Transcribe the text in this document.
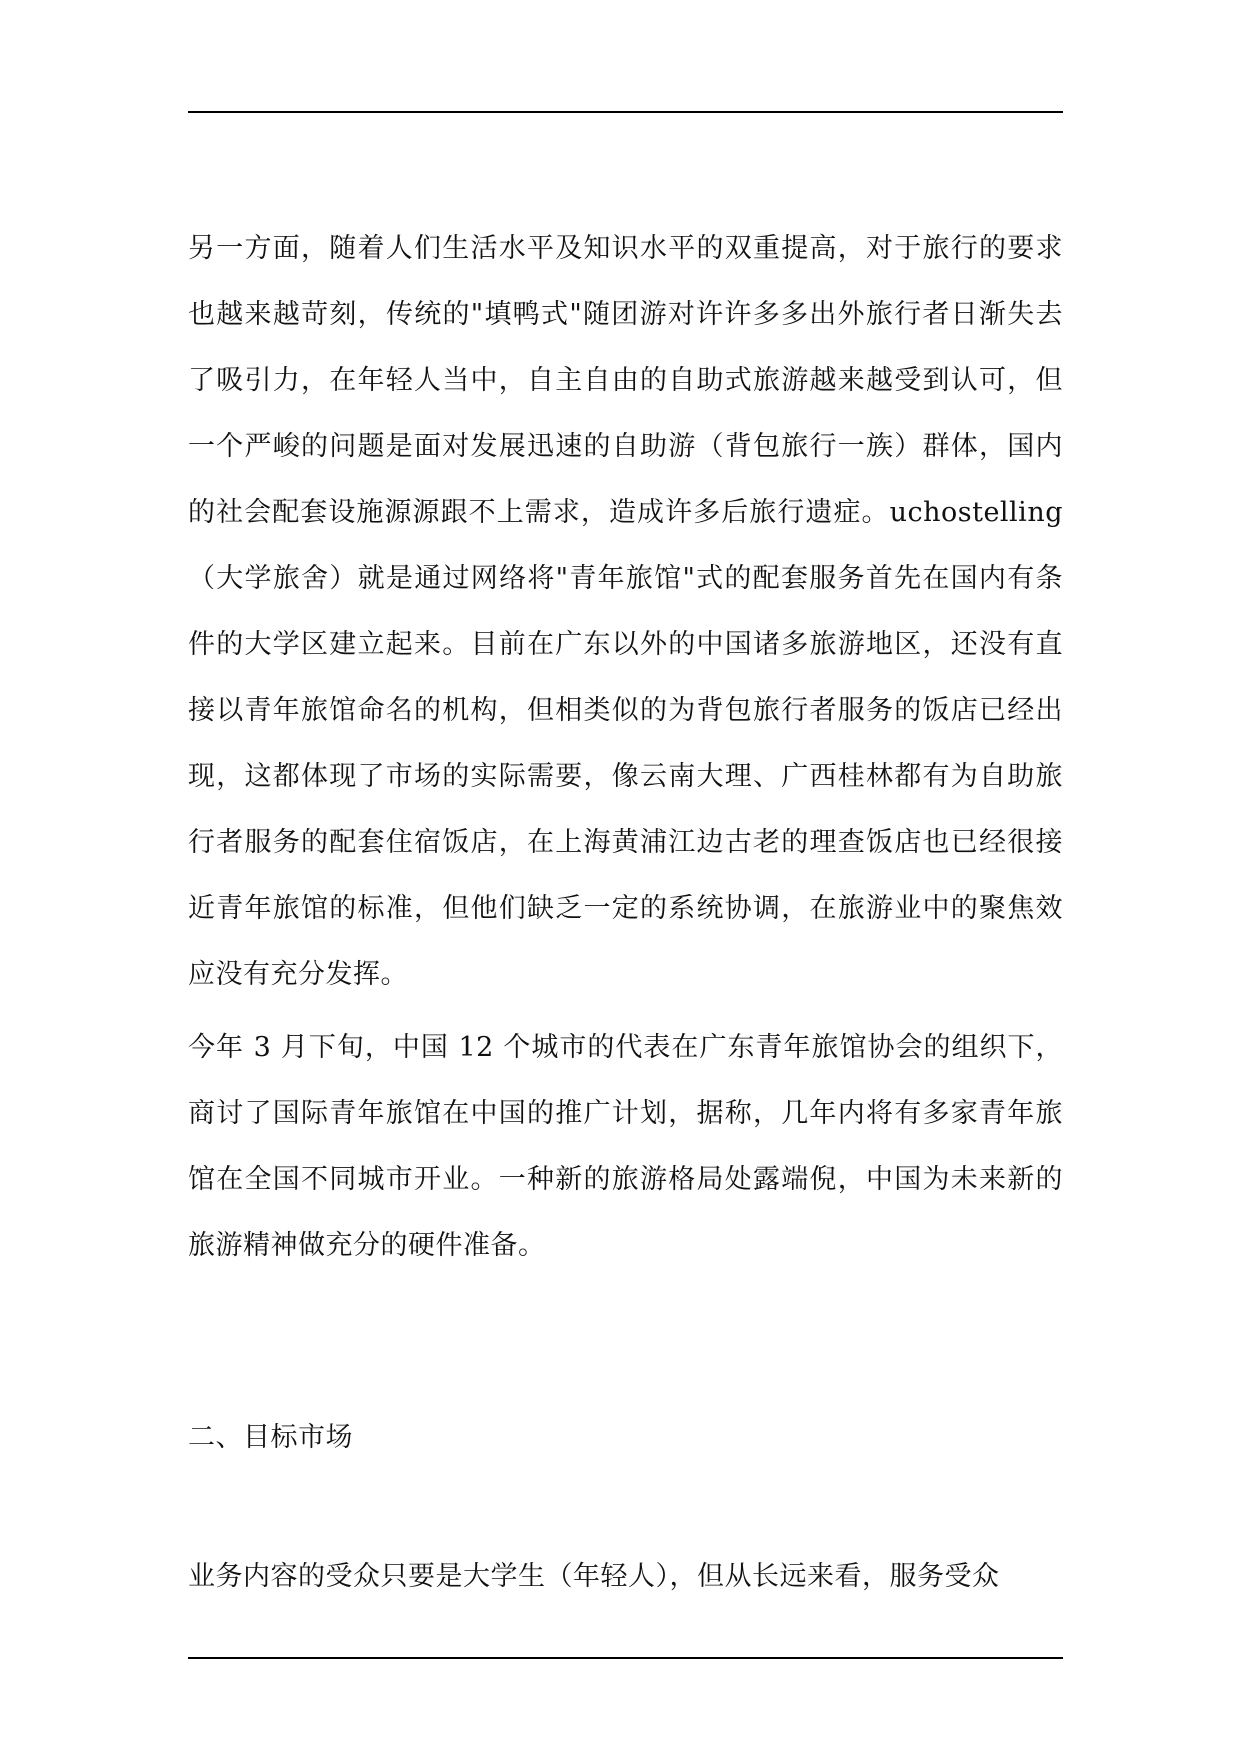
另一方面，随着人们生活水平及知识水平的双重提高，对于旅行的要求也越来越苛刻，传统的"填鸭式"随团游对许许多多出外旅行者日渐失去了吸引力，在年轻人当中，自主自由的自助式旅游越来越受到认可，但一个严峻的问题是面对发展迅速的自助游（背包旅行一族）群体，国内的社会配套设施源源跟不上需求，造成许多后旅行遗症。uchostelling（大学旅舍）就是通过网络将"青年旅馆"式的配套服务首先在国内有条件的大学区建立起来。目前在广东以外的中国诸多旅游地区，还没有直接以青年旅馆命名的机构，但相类似的为背包旅行者服务的饭店已经出现，这都体现了市场的实际需要，像云南大理、广西桂林都有为自助旅行者服务的配套住宿饭店，在上海黄浦江边古老的理查饭店也已经很接近青年旅馆的标准，但他们缺乏一定的系统协调，在旅游业中的聚焦效应没有充分发挥。

今年 3 月下旬，中国 12 个城市的代表在广东青年旅馆协会的组织下，商讨了国际青年旅馆在中国的推广计划，据称，几年内将有多家青年旅馆在全国不同城市开业。一种新的旅游格局处露端倪，中国为未来新的旅游精神做充分的硬件准备。

二、目标市场

业务内容的受众只要是大学生（年轻人），但从长远来看，服务受众
